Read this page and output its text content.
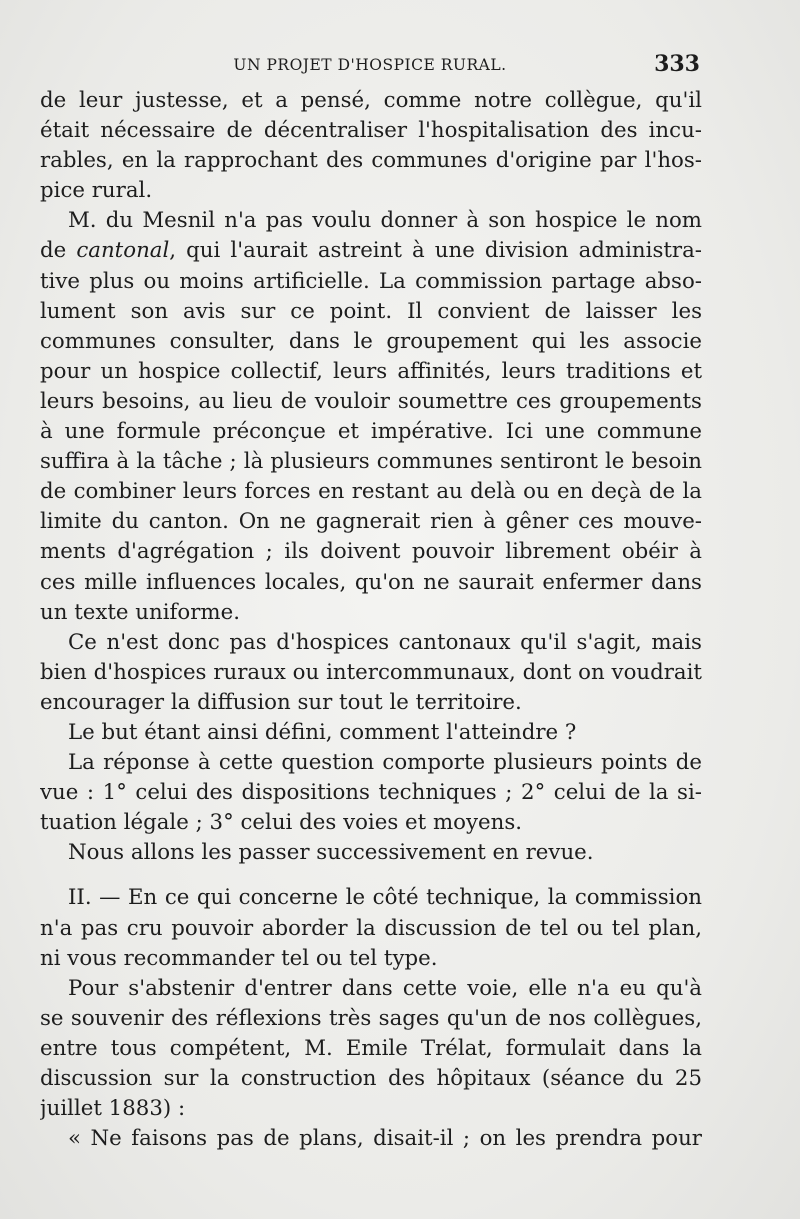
UN PROJET D'HOSPICE RURAL.	333
de leur justesse, et a pensé, comme notre collègue, qu'il
était nécessaire de décentraliser l'hospitalisation des incu-
rables, en la rapprochant des communes d'origine par l'hos-
pice rural.
M. du Mesnil n'a pas voulu donner à son hospice le nom
de cantonal, qui l'aurait astreint à une division administra-
tive plus ou moins artificielle. La commission partage abso-
lument son avis sur ce point. Il convient de laisser les
communes consulter, dans le groupement qui les associe
pour un hospice collectif, leurs affinités, leurs traditions et
leurs besoins, au lieu de vouloir soumettre ces groupements
à une formule préconçue et impérative. Ici une commune
suffira à la tâche ; là plusieurs communes sentiront le besoin
de combiner leurs forces en restant au delà ou en deçà de la
limite du canton. On ne gagnerait rien à gêner ces mouve-
ments d'agrégation ; ils doivent pouvoir librement obéir à
ces mille influences locales, qu'on ne saurait enfermer dans
un texte uniforme.
Ce n'est donc pas d'hospices cantonaux qu'il s'agit, mais
bien d'hospices ruraux ou intercommunaux, dont on voudrait
encourager la diffusion sur tout le territoire.
Le but étant ainsi défini, comment l'atteindre ?
La réponse à cette question comporte plusieurs points de
vue : 1° celui des dispositions techniques ; 2° celui de la si-
tuation légale ; 3° celui des voies et moyens.
Nous allons les passer successivement en revue.
II. — En ce qui concerne le côté technique, la commission
n'a pas cru pouvoir aborder la discussion de tel ou tel plan,
ni vous recommander tel ou tel type.
Pour s'abstenir d'entrer dans cette voie, elle n'a eu qu'à
se souvenir des réflexions très sages qu'un de nos collègues,
entre tous compétent, M. Emile Trélat, formulait dans la
discussion sur la construction des hôpitaux (séance du 25
juillet 1883) :
« Ne faisons pas de plans, disait-il ; on les prendra pour
